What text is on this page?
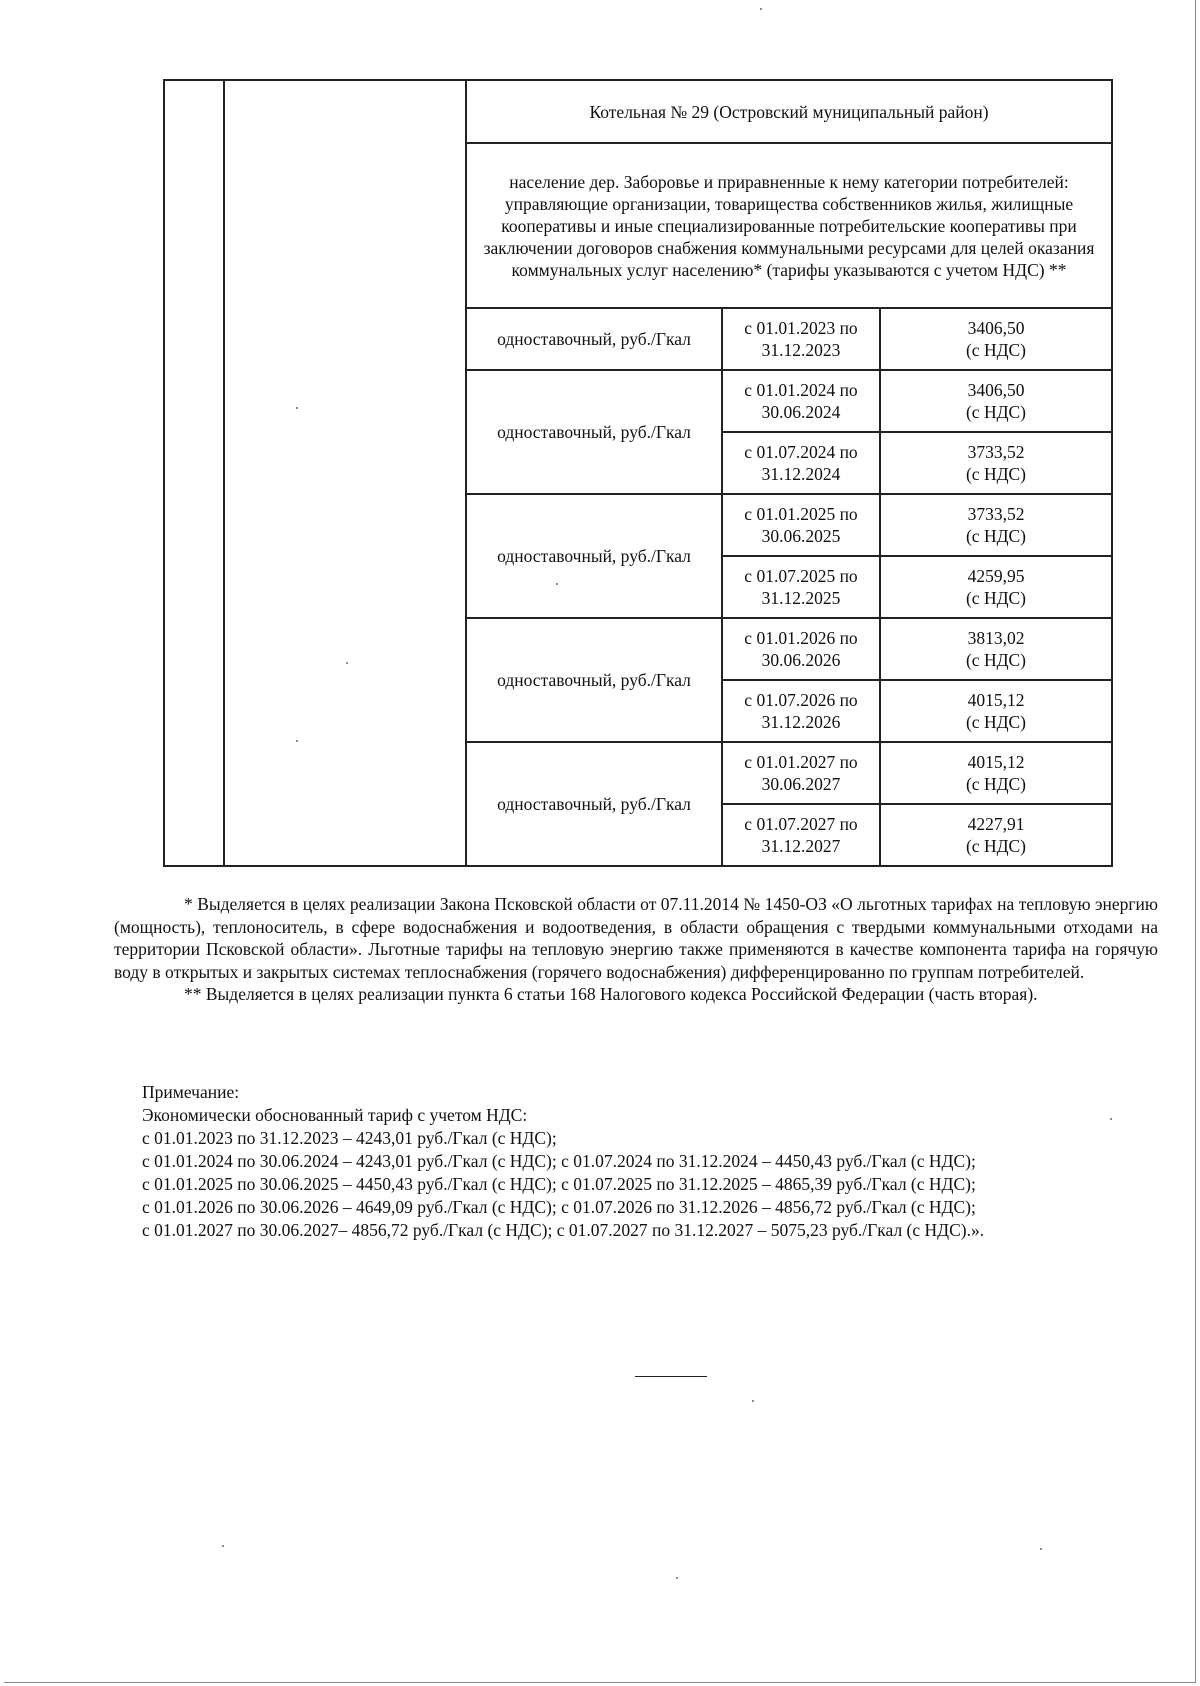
		Котельная № 29 (Островский муниципальный район)		
		население дер. Заборовье и приравненные к нему категории потребителей: управляющие организации, товарищества собственников жилья, жилищные кооперативы и иные специализированные потребительские кооперативы при заключении договоров снабжения коммунальными ресурсами для целей оказания коммунальных услуг населению* (тарифы указываются с учетом НДС) **		
		одноставочный, руб./Гкал	с 01.01.2023 по 31.12.2023	3406,50
(с НДС)
		одноставочный, руб./Гкал	с 01.01.2024 по 30.06.2024	3406,50
(с НДС)
			с 01.07.2024 по 31.12.2024	3733,52
(с НДС)
		одноставочный, руб./Гкал	с 01.01.2025 по 30.06.2025	3733,52
(с НДС)
			с 01.07.2025 по 31.12.2025	4259,95
(с НДС)
		одноставочный, руб./Гкал	с 01.01.2026 по 30.06.2026	3813,02
(с НДС)
			с 01.07.2026 по 31.12.2026	4015,12
(с НДС)
		одноставочный, руб./Гкал	с 01.01.2027 по 30.06.2027	4015,12
(с НДС)
			с 01.07.2027 по 31.12.2027	4227,91
(с НДС)

* Выделяется в целях реализации Закона Псковской области от 07.11.2014 № 1450-ОЗ «О льготных тарифах на тепловую энергию (мощность), теплоноситель, в сфере водоснабжения и водоотведения, в области обращения с твердыми коммунальными отходами на территории Псковской области». Льготные тарифы на тепловую энергию также применяются в качестве компонента тарифа на горячую воду в открытых и закрытых системах теплоснабжения (горячего водоснабжения) дифференцированно по группам потребителей.

** Выделяется в целях реализации пункта 6 статьи 168 Налогового кодекса Российской Федерации (часть вторая).

Примечание:

Экономически обоснованный тариф с учетом НДС:

с 01.01.2023 по 31.12.2023 – 4243,01 руб./Гкал (с НДС);

с 01.01.2024 по 30.06.2024 – 4243,01 руб./Гкал (с НДС); с 01.07.2024 по 31.12.2024 – 4450,43 руб./Гкал (с НДС);

с 01.01.2025 по 30.06.2025 – 4450,43 руб./Гкал (с НДС); с 01.07.2025 по 31.12.2025 – 4865,39 руб./Гкал (с НДС);

с 01.01.2026 по 30.06.2026 – 4649,09 руб./Гкал (с НДС); с 01.07.2026 по 31.12.2026 – 4856,72 руб./Гкал (с НДС);

с 01.01.2027 по 30.06.2027– 4856,72 руб./Гкал (с НДС); с 01.07.2027 по 31.12.2027 – 5075,23 руб./Гкал (с НДС).».
